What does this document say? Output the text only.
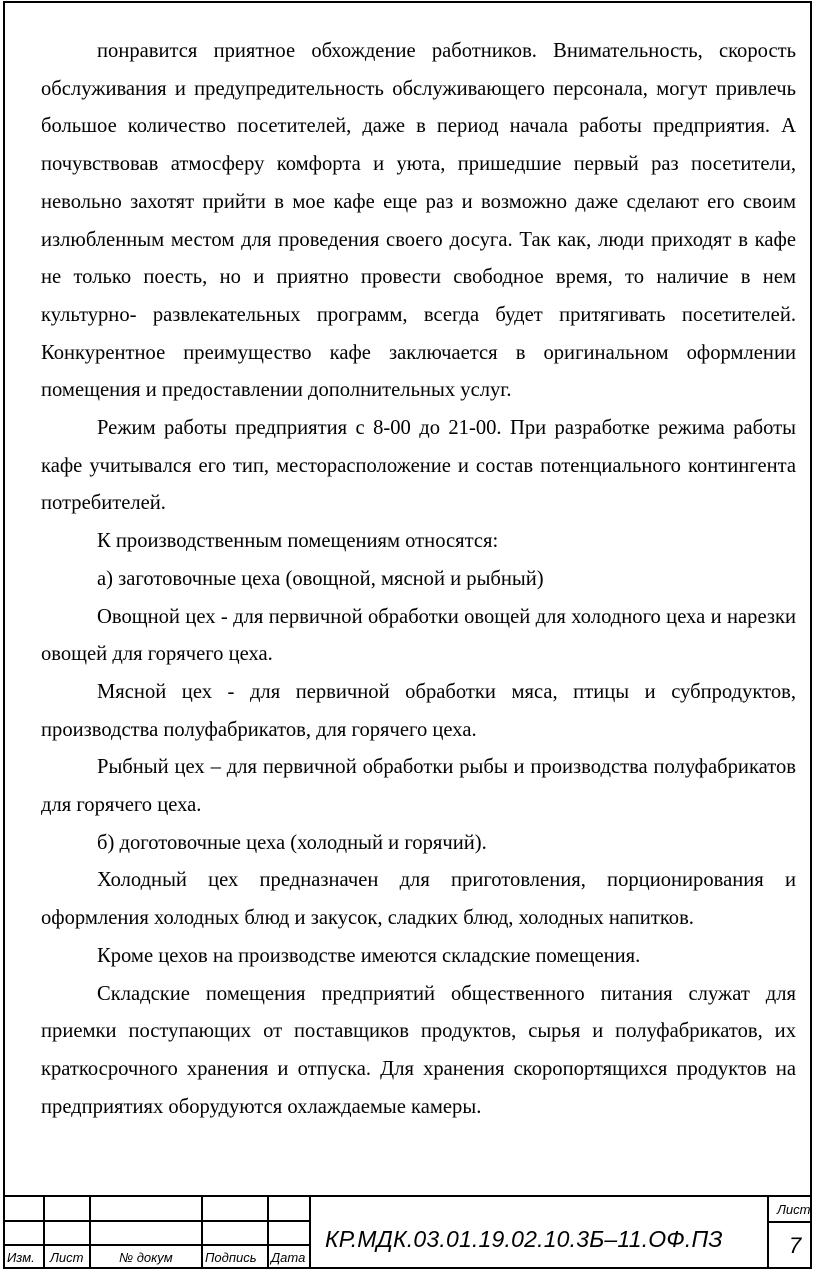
понравится приятное обхождение работников. Внимательность, скорость обслуживания и предупредительность обслуживающего персонала, могут привлечь большое количество посетителей, даже в период начала работы предприятия. А почувствовав атмосферу комфорта и уюта, пришедшие первый раз посетители, невольно захотят прийти в мое кафе еще раз и возможно даже сделают его своим излюбленным местом для проведения своего досуга. Так как, люди приходят в кафе не только поесть, но и приятно провести свободное время, то наличие в нем культурно- развлекательных программ, всегда будет притягивать посетителей. Конкурентное преимущество кафе заключается в оригинальном оформлении помещения и предоставлении дополнительных услуг.

Режим работы предприятия с 8-00 до 21-00. При разработке режима работы кафе учитывался его тип, месторасположение и состав потенциального контингента потребителей.

К производственным помещениям относятся:

а) заготовочные цеха (овощной, мясной и рыбный)

Овощной цех - для первичной обработки овощей для холодного цеха и нарезки овощей для горячего цеха.

Мясной цех - для первичной обработки мяса, птицы и субпродуктов, производства полуфабрикатов, для горячего цеха.

Рыбный цех – для первичной обработки рыбы и производства полуфабрикатов для горячего цеха.

б) доготовочные цеха (холодный и горячий).

Холодный цех предназначен для приготовления, порционирования и оформления холодных блюд и закусок, сладких блюд, холодных напитков.

Кроме цехов на производстве имеются складские помещения.

Складские помещения предприятий общественного питания служат для приемки поступающих от поставщиков продуктов, сырья и полуфабрикатов, их краткосрочного хранения и отпуска. Для хранения скоропортящихся продуктов на предприятиях оборудуются охлаждаемые камеры.

Изм. Лист	№ докум Подпись Дата
КР.МДК.03.01.19.02.10.3Б–11.ОФ.ПЗ
Лист
7
